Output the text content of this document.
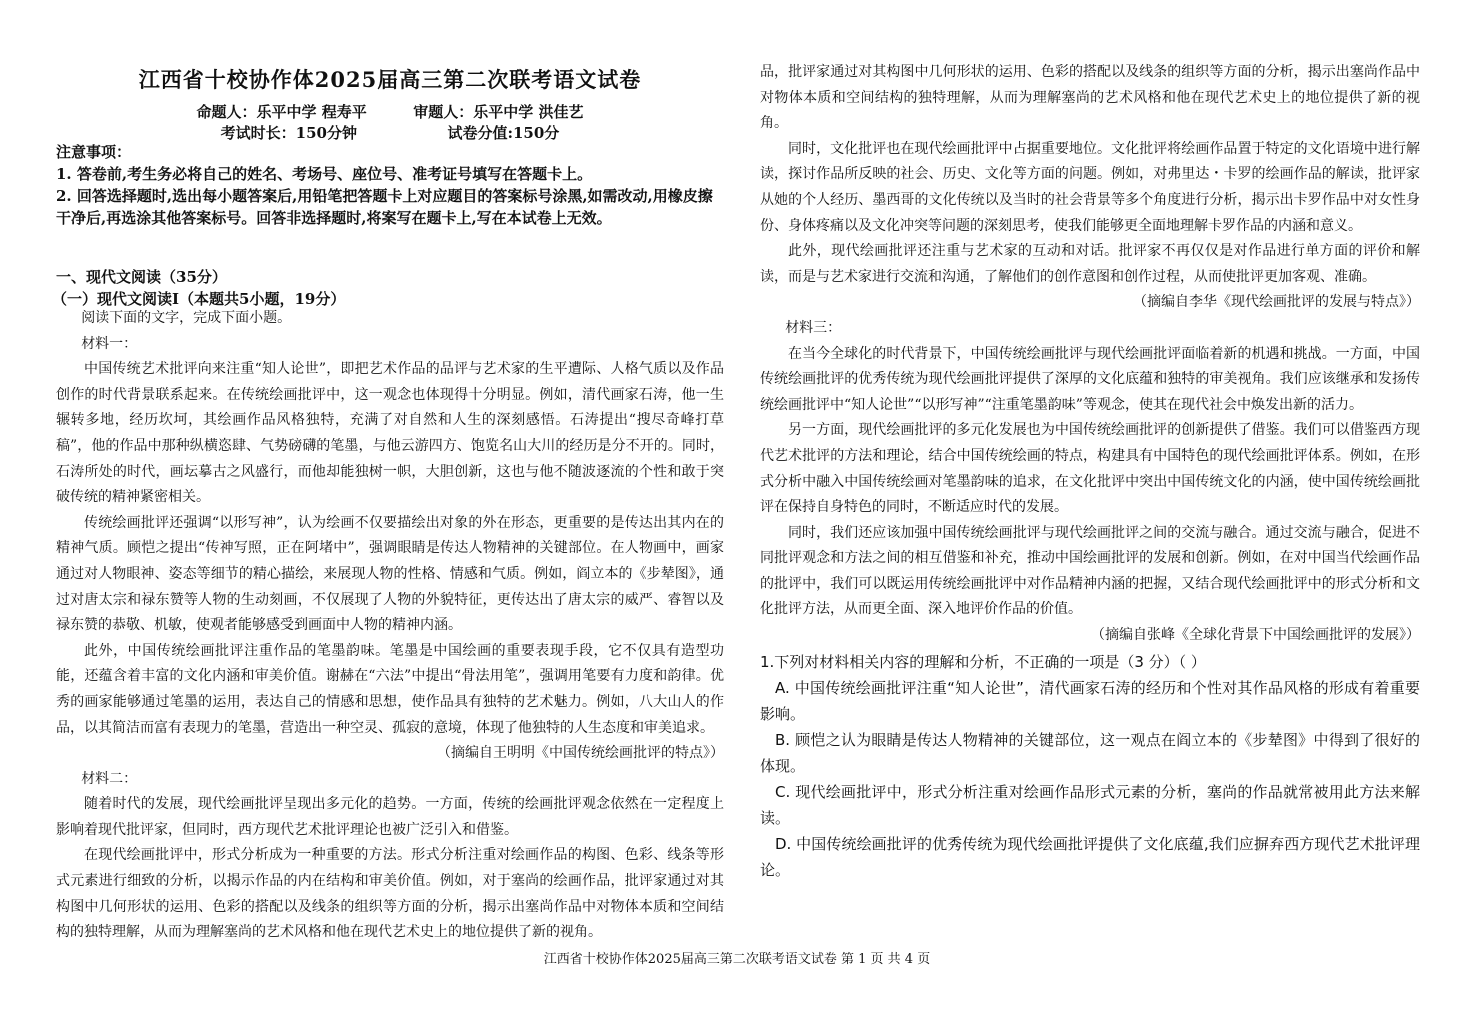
江西省十校协作体2025届高三第二次联考语文试卷
命题人：乐平中学 程寿平	审题人：乐平中学 洪佳艺
考试时长：150分钟	试卷分值:150分
注意事项：
1. 答卷前,考生务必将自己的姓名、考场号、座位号、准考证号填写在答题卡上。
2. 回答选择题时,选出每小题答案后,用铅笔把答题卡上对应题目的答案标号涂黑,如需改动,用橡皮擦干净后,再选涂其他答案标号。回答非选择题时,将案写在题卡上,写在本试卷上无效。
一、现代文阅读（35分）
（一）现代文阅读Ⅰ（本题共5小题，19分）

阅读下面的文字，完成下面小题。

材料一：

中国传统艺术批评向来注重“知人论世”，即把艺术作品的品评与艺术家的生平遭际、人格气质以及作品创作的时代背景联系起来。在传统绘画批评中，这一观念也体现得十分明显。例如，清代画家石涛，他一生辗转多地，经历坎坷，其绘画作品风格独特，充满了对自然和人生的深刻感悟。石涛提出“搜尽奇峰打草稿”，他的作品中那种纵横恣肆、气势磅礴的笔墨，与他云游四方、饱览名山大川的经历是分不开的。同时，石涛所处的时代，画坛摹古之风盛行，而他却能独树一帜，大胆创新，这也与他不随波逐流的个性和敢于突破传统的精神紧密相关。

传统绘画批评还强调“以形写神”，认为绘画不仅要描绘出对象的外在形态，更重要的是传达出其内在的精神气质。顾恺之提出“传神写照，正在阿堵中”，强调眼睛是传达人物精神的关键部位。在人物画中，画家通过对人物眼神、姿态等细节的精心描绘，来展现人物的性格、情感和气质。例如，阎立本的《步辇图》，通过对唐太宗和禄东赞等人物的生动刻画，不仅展现了人物的外貌特征，更传达出了唐太宗的威严、睿智以及禄东赞的恭敬、机敏，使观者能够感受到画面中人物的精神内涵。

此外，中国传统绘画批评注重作品的笔墨韵味。笔墨是中国绘画的重要表现手段，它不仅具有造型功能，还蕴含着丰富的文化内涵和审美价值。谢赫在“六法”中提出“骨法用笔”，强调用笔要有力度和韵律。优秀的画家能够通过笔墨的运用，表达自己的情感和思想，使作品具有独特的艺术魅力。例如，八大山人的作品，以其简洁而富有表现力的笔墨，营造出一种空灵、孤寂的意境，体现了他独特的人生态度和审美追求。

（摘编自王明明《中国传统绘画批评的特点》）

材料二：

随着时代的发展，现代绘画批评呈现出多元化的趋势。一方面，传统的绘画批评观念依然在一定程度上影响着现代批评家，但同时，西方现代艺术批评理论也被广泛引入和借鉴。

在现代绘画批评中，形式分析成为一种重要的方法。形式分析注重对绘画作品的构图、色彩、线条等形式元素进行细致的分析，以揭示作品的内在结构和审美价值。例如，对于塞尚的绘画作品，批评家通过对其构图中几何形状的运用、色彩的搭配以及线条的组织等方面的分析，揭示出塞尚作品中对物体本质和空间结构的独特理解，从而为理解塞尚的艺术风格和他在现代艺术史上的地位提供了新的视角。

品，批评家通过对其构图中几何形状的运用、色彩的搭配以及线条的组织等方面的分析，揭示出塞尚作品中对物体本质和空间结构的独特理解，从而为理解塞尚的艺术风格和他在现代艺术史上的地位提供了新的视角。

同时，文化批评也在现代绘画批评中占据重要地位。文化批评将绘画作品置于特定的文化语境中进行解读，探讨作品所反映的社会、历史、文化等方面的问题。例如，对弗里达・卡罗的绘画作品的解读，批评家从她的个人经历、墨西哥的文化传统以及当时的社会背景等多个角度进行分析，揭示出卡罗作品中对女性身份、身体疼痛以及文化冲突等问题的深刻思考，使我们能够更全面地理解卡罗作品的内涵和意义。

此外，现代绘画批评还注重与艺术家的互动和对话。批评家不再仅仅是对作品进行单方面的评价和解读，而是与艺术家进行交流和沟通，了解他们的创作意图和创作过程，从而使批评更加客观、准确。

（摘编自李华《现代绘画批评的发展与特点》）

材料三：

在当今全球化的时代背景下，中国传统绘画批评与现代绘画批评面临着新的机遇和挑战。一方面，中国传统绘画批评的优秀传统为现代绘画批评提供了深厚的文化底蕴和独特的审美视角。我们应该继承和发扬传统绘画批评中“知人论世”“以形写神”“注重笔墨韵味”等观念，使其在现代社会中焕发出新的活力。

另一方面，现代绘画批评的多元化发展也为中国传统绘画批评的创新提供了借鉴。我们可以借鉴西方现代艺术批评的方法和理论，结合中国传统绘画的特点，构建具有中国特色的现代绘画批评体系。例如，在形式分析中融入中国传统绘画对笔墨韵味的追求，在文化批评中突出中国传统文化的内涵，使中国传统绘画批评在保持自身特色的同时，不断适应时代的发展。

同时，我们还应该加强中国传统绘画批评与现代绘画批评之间的交流与融合。通过交流与融合，促进不同批评观念和方法之间的相互借鉴和补充，推动中国绘画批评的发展和创新。例如，在对中国当代绘画作品的批评中，我们可以既运用传统绘画批评中对作品精神内涵的把握，又结合现代绘画批评中的形式分析和文化批评方法，从而更全面、深入地评价作品的价值。

（摘编自张峰《全球化背景下中国绘画批评的发展》）

1.下列对材料相关内容的理解和分析，不正确的一项是（3 分）（ ）

A. 中国传统绘画批评注重“知人论世”，清代画家石涛的经历和个性对其作品风格的形成有着重要影响。

B. 顾恺之认为眼睛是传达人物精神的关键部位，这一观点在阎立本的《步辇图》中得到了很好的体现。

C. 现代绘画批评中，形式分析注重对绘画作品形式元素的分析，塞尚的作品就常被用此方法来解读。

D. 中国传统绘画批评的优秀传统为现代绘画批评提供了文化底蕴,我们应摒弃西方现代艺术批评理论。

江西省十校协作体2025届高三第二次联考语文试卷 第 1 页 共 4 页
